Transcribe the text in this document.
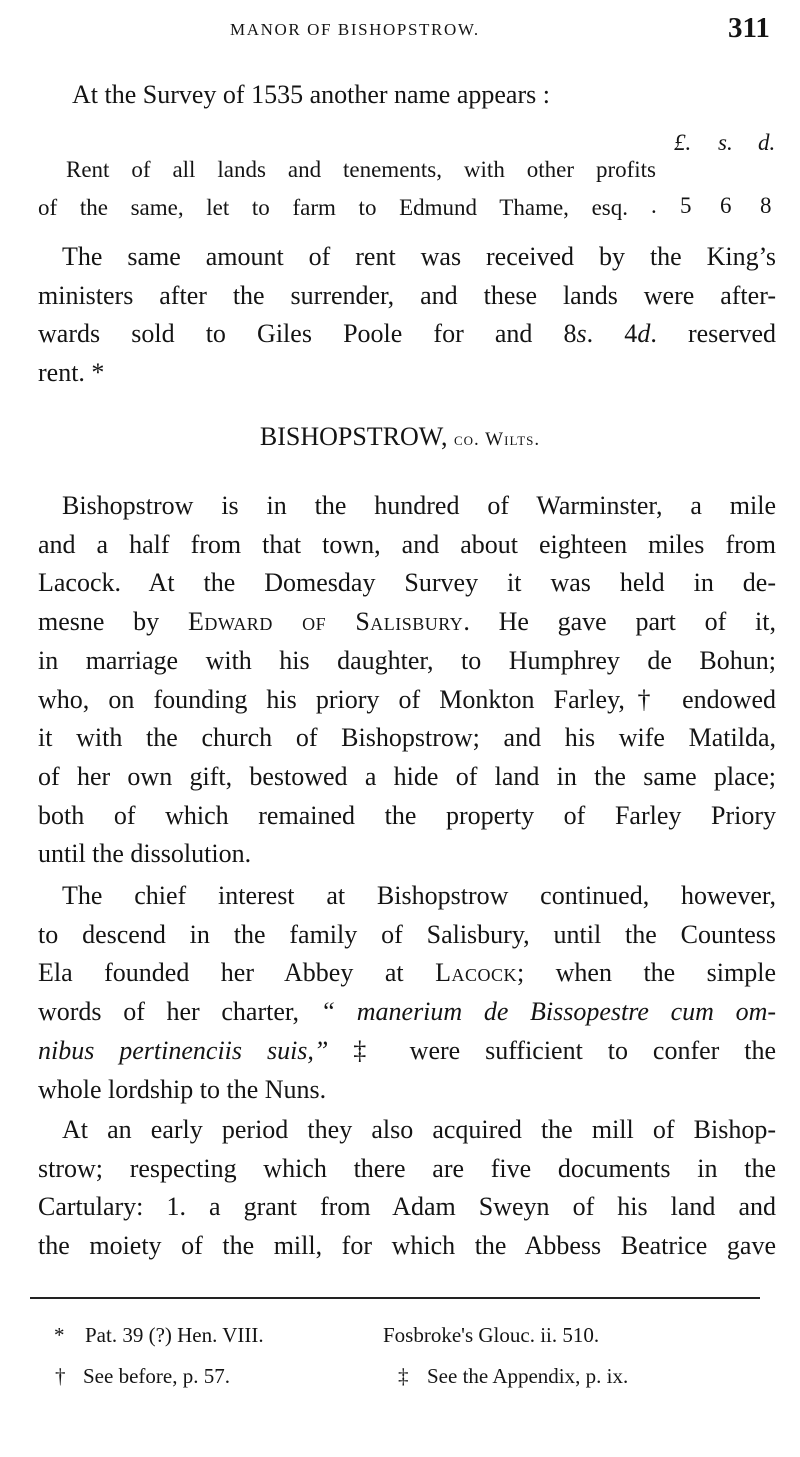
MANOR OF BISHOPSTROW.	311
At the Survey of 1535 another name appears :
£. s. d.
Rent of all lands and tenements, with other profits
of the same, let to farm to Edmund Thame, esq. . 5 6 8
BISHOPSTROW, co. Wilts.
The same amount of rent was received by the King’s
ministers after the surrender, and these lands were after-
wards sold to Giles Poole for and 8s. 4d. reserved
rent. *
Bishopstrow is in the hundred of Warminster, a mile
and a half from that town, and about eighteen miles from
Lacock. At the Domesday Survey it was held in de-
mesne by Edward of Salisbury. He gave part of it,
in marriage with his daughter, to Humphrey de Bohun;
who, on founding his priory of Monkton Farley,† endowed
it with the church of Bishopstrow; and his wife Matilda,
of her own gift, bestowed a hide of land in the same place;
both of which remained the property of Farley Priory
until the dissolution.
The chief interest at Bishopstrow continued, however,
to descend in the family of Salisbury, until the Countess
Ela founded her Abbey at Lacock; when the simple
words of her charter, “ manerium de Bissopestre cum om-
nibus pertinenciis suis,” ‡ were sufficient to confer the
whole lordship to the Nuns.
At an early period they also acquired the mill of Bishop-
strow; respecting which there are five documents in the
Cartulary: 1. a grant from Adam Sweyn of his land and
the moiety of the mill, for which the Abbess Beatrice gave
* Pat. 39 (?) Hen. VIII.	Fosbroke's Glouc. ii. 510.
† See before, p. 57.	‡ See the Appendix, p. ix.
